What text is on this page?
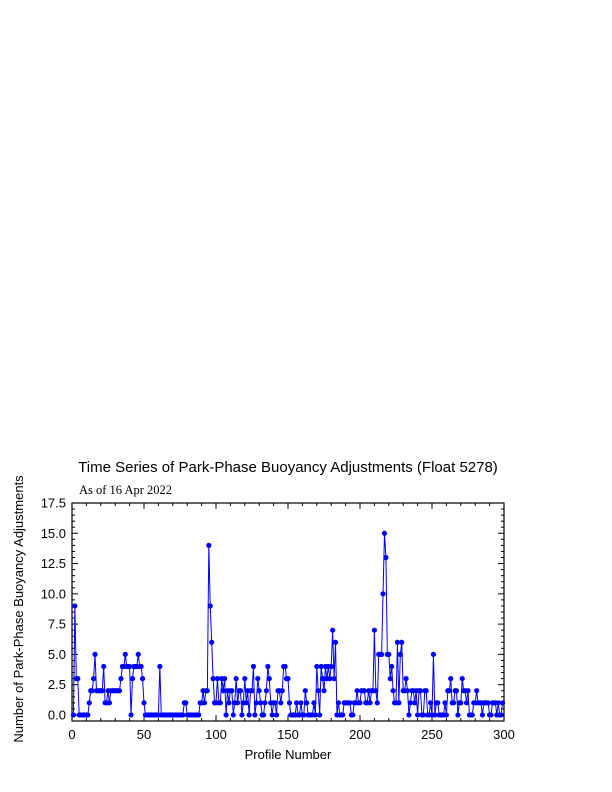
Time Series of Park-Phase Buoyancy Adjustments (Float 5278)
As of 16 Apr 2022
0	50	100	150	200	250	300
0.0
2.5
5.0
7.5
10.0
12.5
15.0
17.5
Profile Number
Number of Park-Phase Buoyancy Adjustments
